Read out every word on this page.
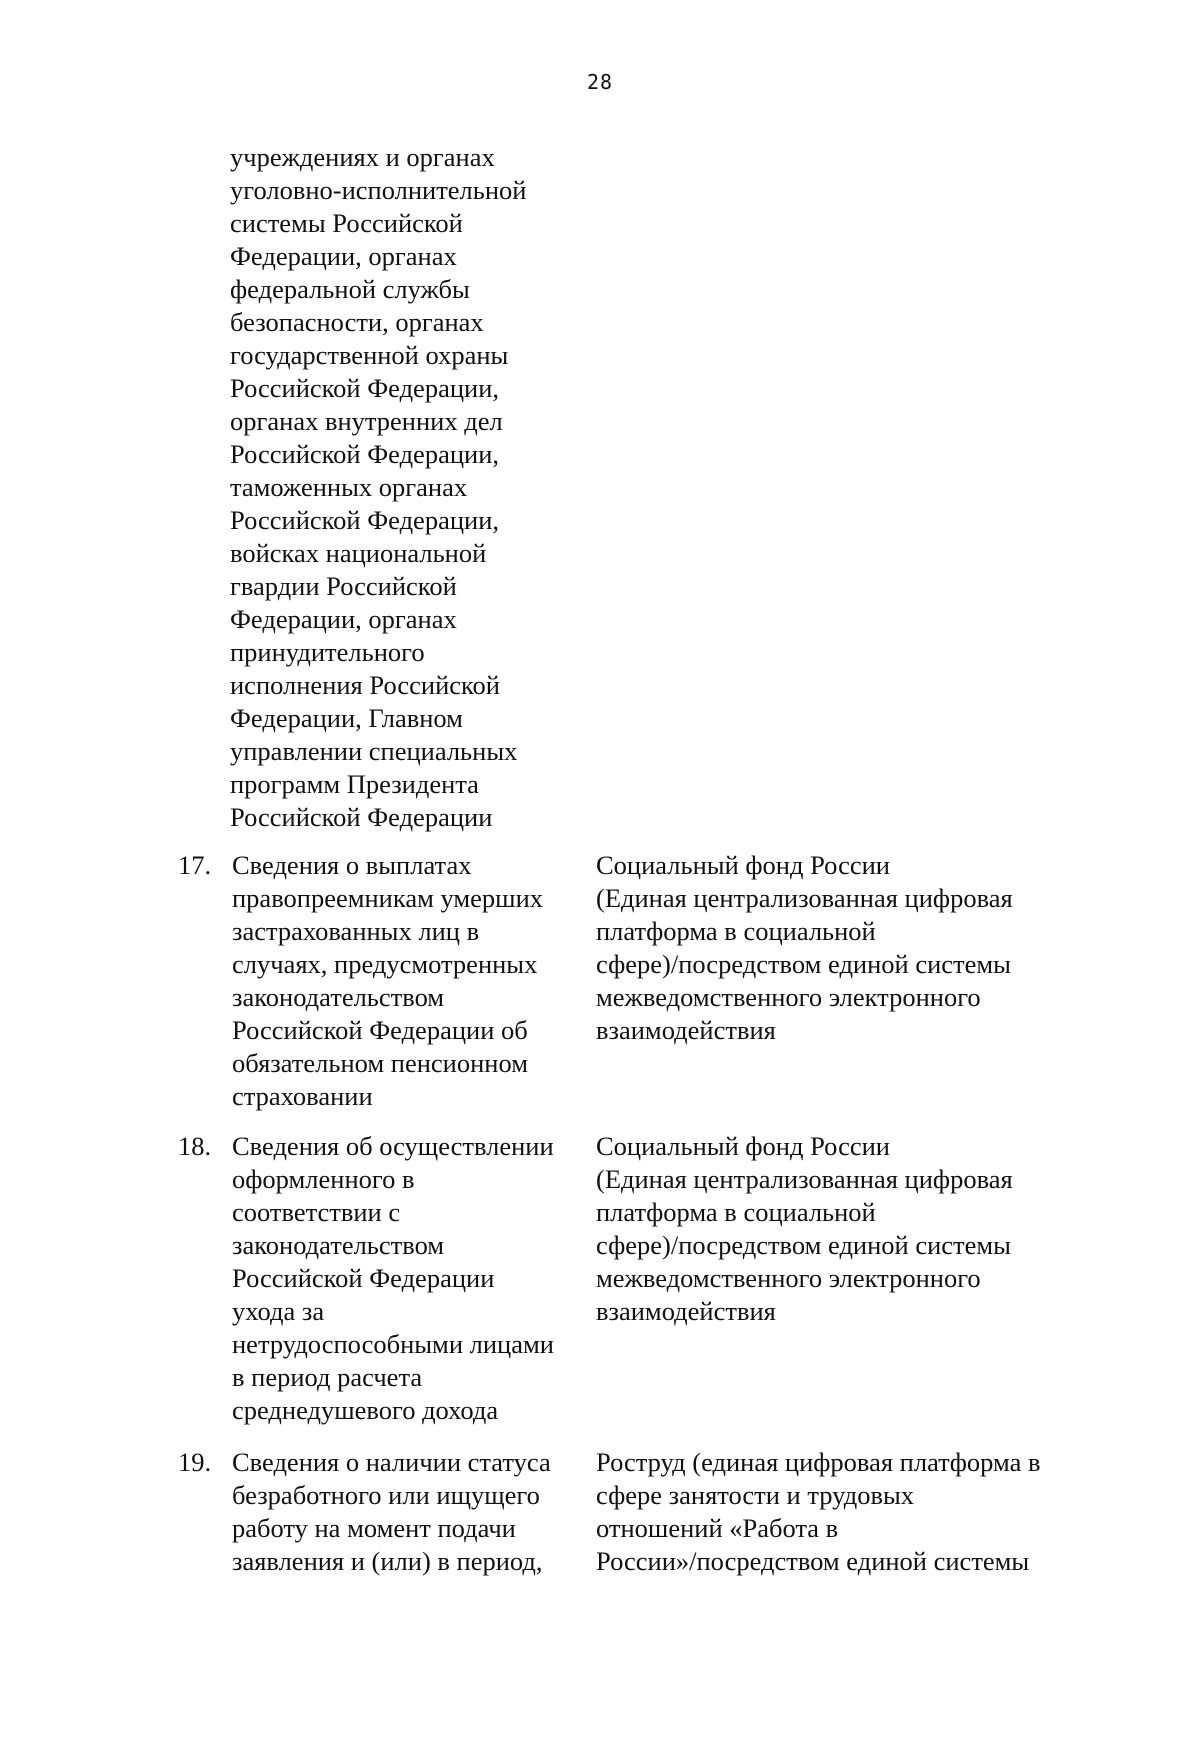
28
учреждениях и органах
уголовно-исполнительной
системы Российской
Федерации, органах
федеральной службы
безопасности, органах
государственной охраны
Российской Федерации,
органах внутренних дел
Российской Федерации,
таможенных органах
Российской Федерации,
войсках национальной
гвардии Российской
Федерации, органах
принудительного
исполнения Российской
Федерации, Главном
управлении специальных
программ Президента
Российской Федерации
17. Сведения о выплатах
правопреемникам умерших
застрахованных лиц в
случаях, предусмотренных
законодательством
Российской Федерации об
обязательном пенсионном
страховании
Социальный фонд России
(Единая централизованная цифровая
платформа в социальной
сфере)/посредством единой системы
межведомственного электронного
взаимодействия
18. Сведения об осуществлении
оформленного в
соответствии с
законодательством
Российской Федерации
ухода за
нетрудоспособными лицами
в период расчета
среднедушевого дохода
Социальный фонд России
(Единая централизованная цифровая
платформа в социальной
сфере)/посредством единой системы
межведомственного электронного
взаимодействия
19. Сведения о наличии статуса
безработного или ищущего
работу на момент подачи
заявления и (или) в период,
Роструд (единая цифровая платформа в
сфере занятости и трудовых
отношений «Работа в
России»/посредством единой системы
